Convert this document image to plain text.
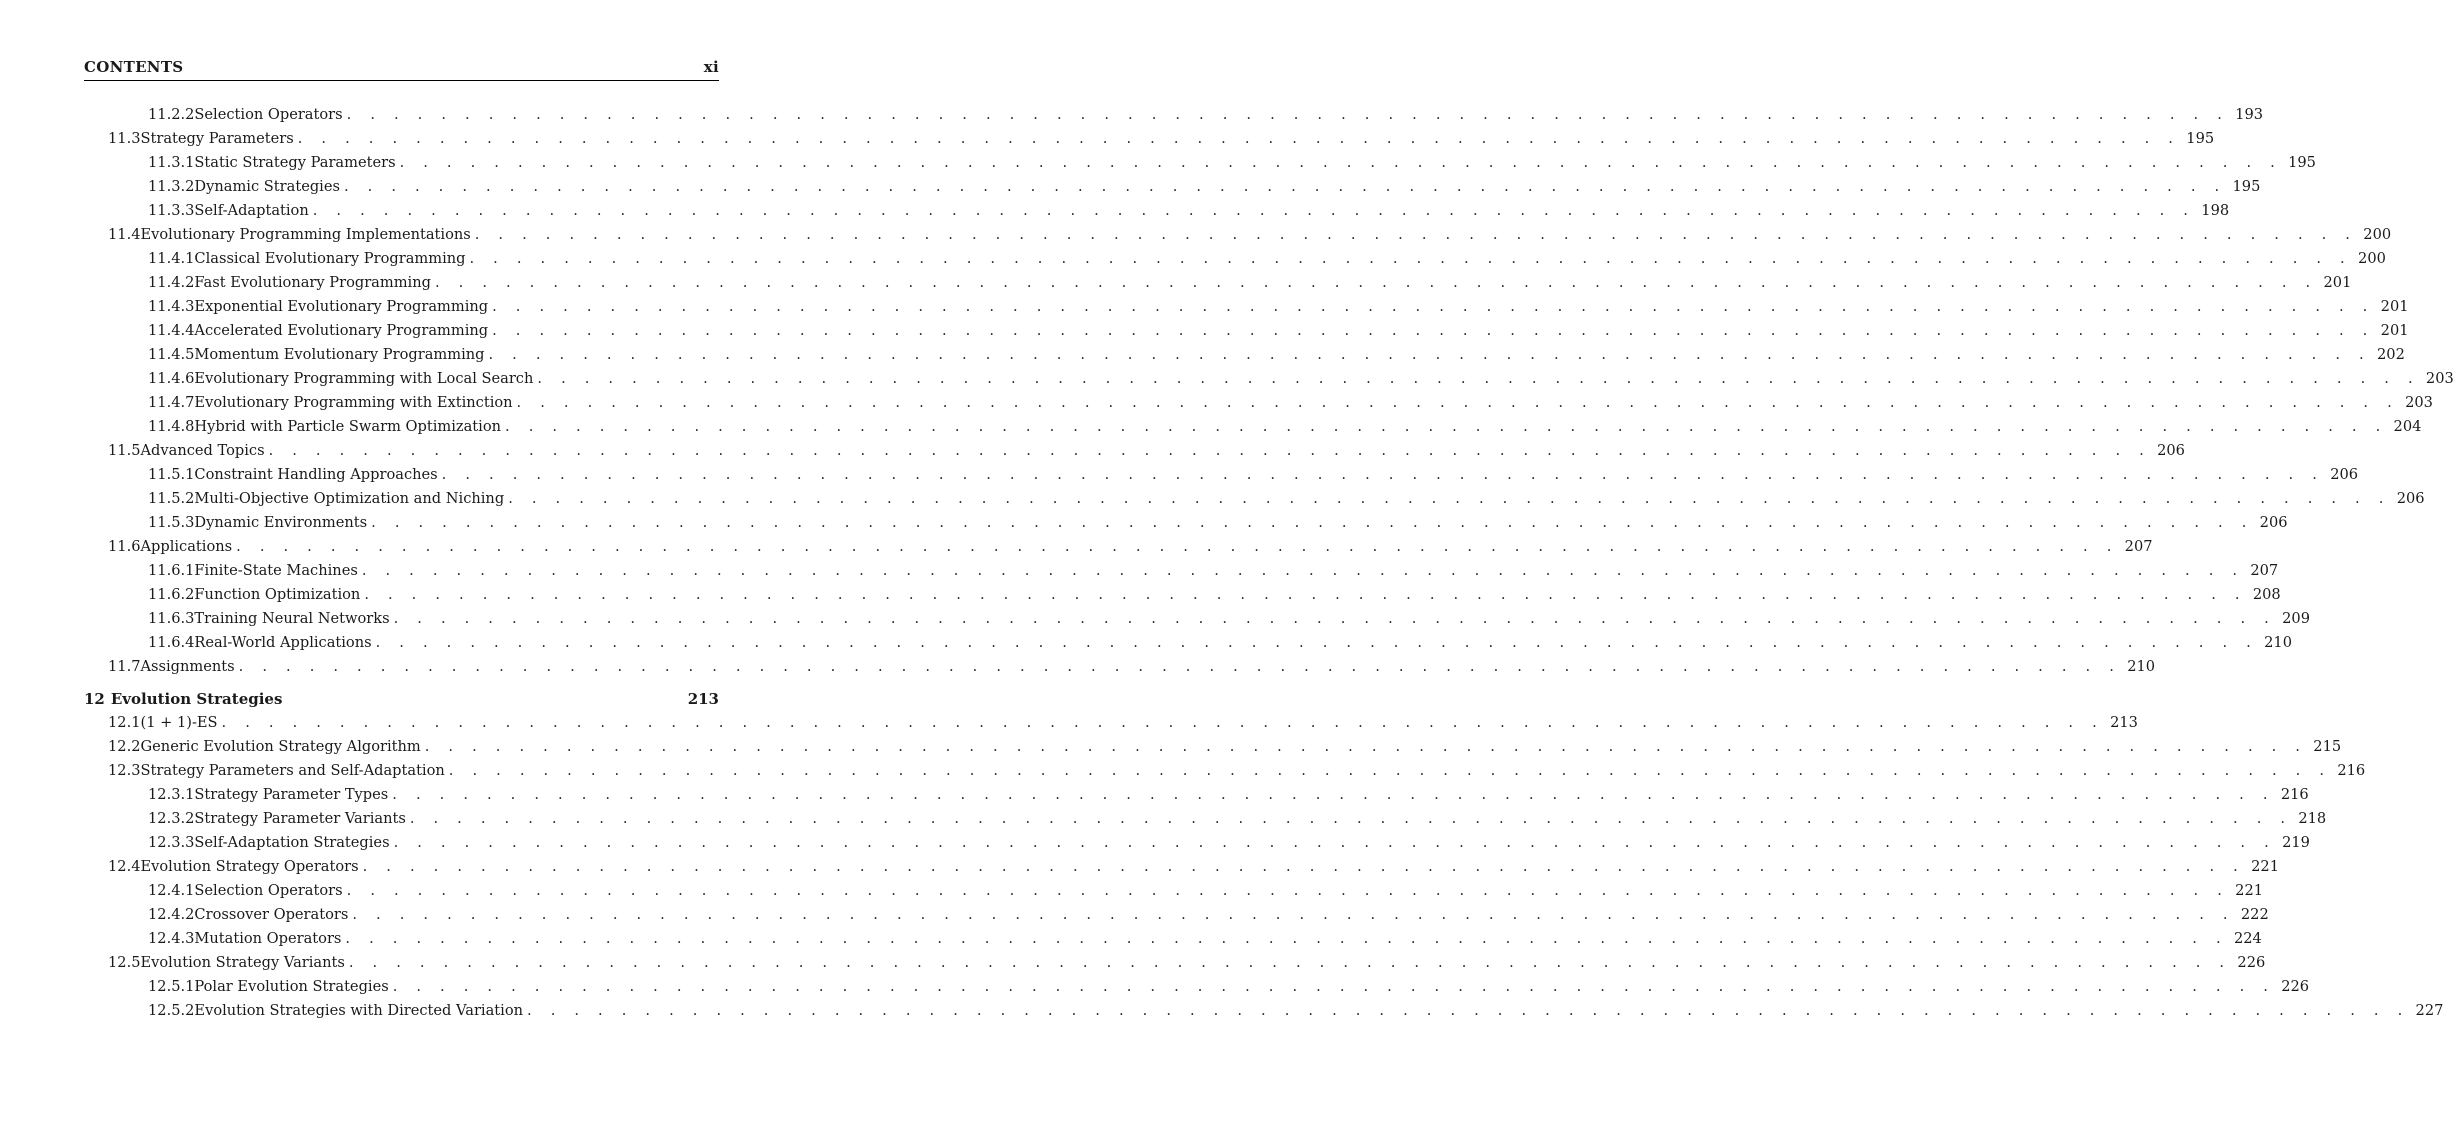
CONTENTS	xi
11.2.2 Selection Operators . . . . . . . . . . . . . . . . . . . . . . . . . . . . . . . . . . . . . . . . . . . . . . . . . . . . . . . . . . . . . . . . . . . . . . . . . . . . . . . . 193
11.3 Strategy Parameters . . . . . . . . . . . . . . . . . . . . . . . . . . . . . . . . . . . . . . . . . . . . . . . . . . . . . . . . . . . . . . . . . . . . . . . . . . . . . . . . 195
11.3.1 Static Strategy Parameters . . . . . . . . . . . . . . . . . . . . . . . . . . . . . . . . . . . . . . . . . . . . . . . . . . . . . . . . . . . . . . . . . . . . . . . . . . . . . . . . 195
11.3.2 Dynamic Strategies . . . . . . . . . . . . . . . . . . . . . . . . . . . . . . . . . . . . . . . . . . . . . . . . . . . . . . . . . . . . . . . . . . . . . . . . . . . . . . . . 195
11.3.3 Self-Adaptation . . . . . . . . . . . . . . . . . . . . . . . . . . . . . . . . . . . . . . . . . . . . . . . . . . . . . . . . . . . . . . . . . . . . . . . . . . . . . . . . 198
11.4 Evolutionary Programming Implementations . . . . . . . . . . . . . . . . . . . . . . . . . . . . . . . . . . . . . . . . . . . . . . . . . . . . . . . . . . . . . . . . . . . . . . . . . . . . . . . . 200
11.4.1 Classical Evolutionary Programming . . . . . . . . . . . . . . . . . . . . . . . . . . . . . . . . . . . . . . . . . . . . . . . . . . . . . . . . . . . . . . . . . . . . . . . . . . . . . . . . 200
11.4.2 Fast Evolutionary Programming . . . . . . . . . . . . . . . . . . . . . . . . . . . . . . . . . . . . . . . . . . . . . . . . . . . . . . . . . . . . . . . . . . . . . . . . . . . . . . . . 201
11.4.3 Exponential Evolutionary Programming . . . . . . . . . . . . . . . . . . . . . . . . . . . . . . . . . . . . . . . . . . . . . . . . . . . . . . . . . . . . . . . . . . . . . . . . . . . . . . . . 201
11.4.4 Accelerated Evolutionary Programming . . . . . . . . . . . . . . . . . . . . . . . . . . . . . . . . . . . . . . . . . . . . . . . . . . . . . . . . . . . . . . . . . . . . . . . . . . . . . . . . 201
11.4.5 Momentum Evolutionary Programming . . . . . . . . . . . . . . . . . . . . . . . . . . . . . . . . . . . . . . . . . . . . . . . . . . . . . . . . . . . . . . . . . . . . . . . . . . . . . . . . 202
11.4.6 Evolutionary Programming with Local Search . . . . . . . . . . . . . . . . . . . . . . . . . . . . . . . . . . . . . . . . . . . . . . . . . . . . . . . . . . . . . . . . . . . . . . . . . . . . . . . . 203
11.4.7 Evolutionary Programming with Extinction . . . . . . . . . . . . . . . . . . . . . . . . . . . . . . . . . . . . . . . . . . . . . . . . . . . . . . . . . . . . . . . . . . . . . . . . . . . . . . . . 203
11.4.8 Hybrid with Particle Swarm Optimization . . . . . . . . . . . . . . . . . . . . . . . . . . . . . . . . . . . . . . . . . . . . . . . . . . . . . . . . . . . . . . . . . . . . . . . . . . . . . . . . 204
11.5 Advanced Topics . . . . . . . . . . . . . . . . . . . . . . . . . . . . . . . . . . . . . . . . . . . . . . . . . . . . . . . . . . . . . . . . . . . . . . . . . . . . . . . . 206
11.5.1 Constraint Handling Approaches . . . . . . . . . . . . . . . . . . . . . . . . . . . . . . . . . . . . . . . . . . . . . . . . . . . . . . . . . . . . . . . . . . . . . . . . . . . . . . . . 206
11.5.2 Multi-Objective Optimization and Niching . . . . . . . . . . . . . . . . . . . . . . . . . . . . . . . . . . . . . . . . . . . . . . . . . . . . . . . . . . . . . . . . . . . . . . . . . . . . . . . . 206
11.5.3 Dynamic Environments . . . . . . . . . . . . . . . . . . . . . . . . . . . . . . . . . . . . . . . . . . . . . . . . . . . . . . . . . . . . . . . . . . . . . . . . . . . . . . . . 206
11.6 Applications . . . . . . . . . . . . . . . . . . . . . . . . . . . . . . . . . . . . . . . . . . . . . . . . . . . . . . . . . . . . . . . . . . . . . . . . . . . . . . . . 207
11.6.1 Finite-State Machines . . . . . . . . . . . . . . . . . . . . . . . . . . . . . . . . . . . . . . . . . . . . . . . . . . . . . . . . . . . . . . . . . . . . . . . . . . . . . . . . 207
11.6.2 Function Optimization . . . . . . . . . . . . . . . . . . . . . . . . . . . . . . . . . . . . . . . . . . . . . . . . . . . . . . . . . . . . . . . . . . . . . . . . . . . . . . . . 208
11.6.3 Training Neural Networks . . . . . . . . . . . . . . . . . . . . . . . . . . . . . . . . . . . . . . . . . . . . . . . . . . . . . . . . . . . . . . . . . . . . . . . . . . . . . . . . 209
11.6.4 Real-World Applications . . . . . . . . . . . . . . . . . . . . . . . . . . . . . . . . . . . . . . . . . . . . . . . . . . . . . . . . . . . . . . . . . . . . . . . . . . . . . . . . 210
11.7 Assignments . . . . . . . . . . . . . . . . . . . . . . . . . . . . . . . . . . . . . . . . . . . . . . . . . . . . . . . . . . . . . . . . . . . . . . . . . . . . . . . . 210
12 Evolution Strategies	213
12.1 (1 + 1)-ES . . . . . . . . . . . . . . . . . . . . . . . . . . . . . . . . . . . . . . . . . . . . . . . . . . . . . . . . . . . . . . . . . . . . . . . . . . . . . . . . 213
12.2 Generic Evolution Strategy Algorithm . . . . . . . . . . . . . . . . . . . . . . . . . . . . . . . . . . . . . . . . . . . . . . . . . . . . . . . . . . . . . . . . . . . . . . . . . . . . . . . . 215
12.3 Strategy Parameters and Self-Adaptation . . . . . . . . . . . . . . . . . . . . . . . . . . . . . . . . . . . . . . . . . . . . . . . . . . . . . . . . . . . . . . . . . . . . . . . . . . . . . . . . 216
12.3.1 Strategy Parameter Types . . . . . . . . . . . . . . . . . . . . . . . . . . . . . . . . . . . . . . . . . . . . . . . . . . . . . . . . . . . . . . . . . . . . . . . . . . . . . . . . 216
12.3.2 Strategy Parameter Variants . . . . . . . . . . . . . . . . . . . . . . . . . . . . . . . . . . . . . . . . . . . . . . . . . . . . . . . . . . . . . . . . . . . . . . . . . . . . . . . . 218
12.3.3 Self-Adaptation Strategies . . . . . . . . . . . . . . . . . . . . . . . . . . . . . . . . . . . . . . . . . . . . . . . . . . . . . . . . . . . . . . . . . . . . . . . . . . . . . . . . 219
12.4 Evolution Strategy Operators . . . . . . . . . . . . . . . . . . . . . . . . . . . . . . . . . . . . . . . . . . . . . . . . . . . . . . . . . . . . . . . . . . . . . . . . . . . . . . . . 221
12.4.1 Selection Operators . . . . . . . . . . . . . . . . . . . . . . . . . . . . . . . . . . . . . . . . . . . . . . . . . . . . . . . . . . . . . . . . . . . . . . . . . . . . . . . . 221
12.4.2 Crossover Operators . . . . . . . . . . . . . . . . . . . . . . . . . . . . . . . . . . . . . . . . . . . . . . . . . . . . . . . . . . . . . . . . . . . . . . . . . . . . . . . . 222
12.4.3 Mutation Operators . . . . . . . . . . . . . . . . . . . . . . . . . . . . . . . . . . . . . . . . . . . . . . . . . . . . . . . . . . . . . . . . . . . . . . . . . . . . . . . . 224
12.5 Evolution Strategy Variants . . . . . . . . . . . . . . . . . . . . . . . . . . . . . . . . . . . . . . . . . . . . . . . . . . . . . . . . . . . . . . . . . . . . . . . . . . . . . . . . 226
12.5.1 Polar Evolution Strategies . . . . . . . . . . . . . . . . . . . . . . . . . . . . . . . . . . . . . . . . . . . . . . . . . . . . . . . . . . . . . . . . . . . . . . . . . . . . . . . . 226
12.5.2 Evolution Strategies with Directed Variation . . . . . . . . . . . . . . . . . . . . . . . . . . . . . . . . . . . . . . . . . . . . . . . . . . . . . . . . . . . . . . . . . . . . . . . . . . . . . . . . 227
